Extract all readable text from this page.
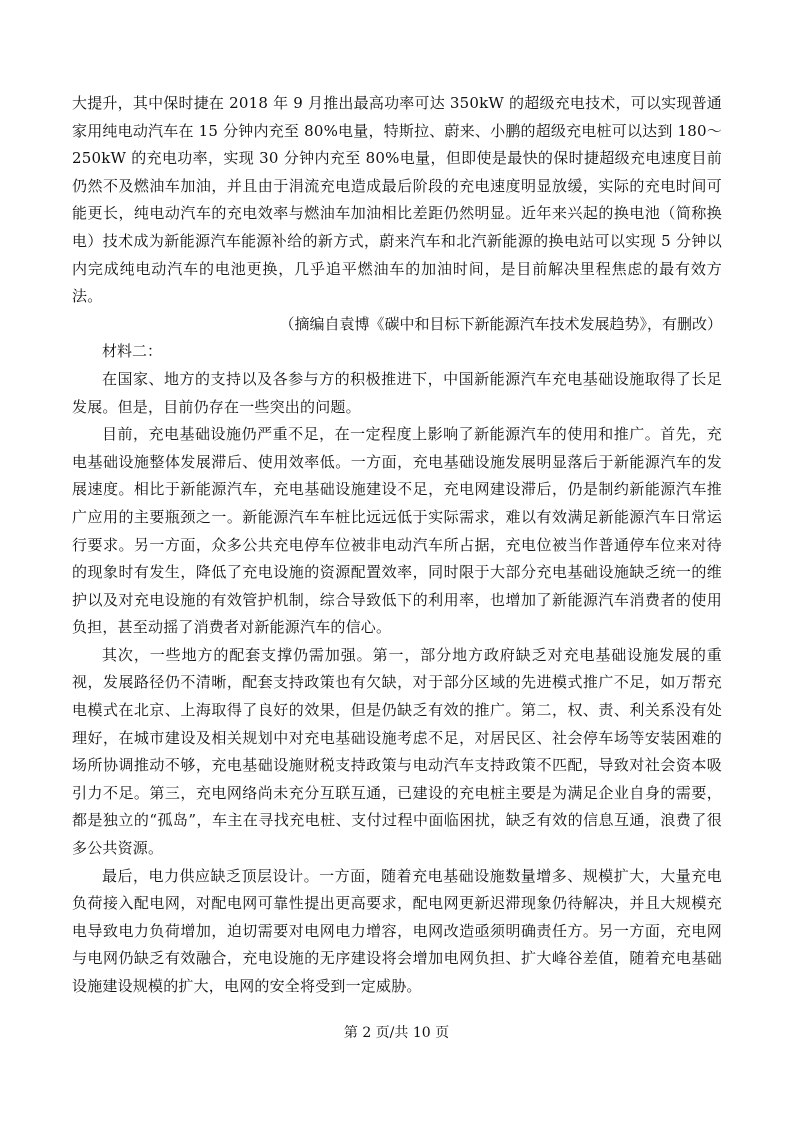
大提升，其中保时捷在 2018 年 9 月推出最高功率可达 350kW 的超级充电技术，可以实现普通家用纯电动汽车在 15 分钟内充至 80%电量，特斯拉、蔚来、小鹏的超级充电桩可以达到 180～250kW 的充电功率，实现 30 分钟内充至 80%电量，但即使是最快的保时捷超级充电速度目前仍然不及燃油车加油，并且由于涓流充电造成最后阶段的充电速度明显放缓，实际的充电时间可能更长，纯电动汽车的充电效率与燃油车加油相比差距仍然明显。近年来兴起的换电池（简称换电）技术成为新能源汽车能源补给的新方式，蔚来汽车和北汽新能源的换电站可以实现 5 分钟以内完成纯电动汽车的电池更换，几乎追平燃油车的加油时间，是目前解决里程焦虑的最有效方法。

（摘编自袁博《碳中和目标下新能源汽车技术发展趋势》，有删改）

材料二：

在国家、地方的支持以及各参与方的积极推进下，中国新能源汽车充电基础设施取得了长足发展。但是，目前仍存在一些突出的问题。

目前，充电基础设施仍严重不足，在一定程度上影响了新能源汽车的使用和推广。首先，充电基础设施整体发展滞后、使用效率低。一方面，充电基础设施发展明显落后于新能源汽车的发展速度。相比于新能源汽车，充电基础设施建设不足，充电网建设滞后，仍是制约新能源汽车推广应用的主要瓶颈之一。新能源汽车车桩比远远低于实际需求，难以有效满足新能源汽车日常运行要求。另一方面，众多公共充电停车位被非电动汽车所占据，充电位被当作普通停车位来对待的现象时有发生，降低了充电设施的资源配置效率，同时限于大部分充电基础设施缺乏统一的维护以及对充电设施的有效管护机制，综合导致低下的利用率，也增加了新能源汽车消费者的使用负担，甚至动摇了消费者对新能源汽车的信心。

其次，一些地方的配套支撑仍需加强。第一，部分地方政府缺乏对充电基础设施发展的重视，发展路径仍不清晰，配套支持政策也有欠缺，对于部分区域的先进模式推广不足，如万帮充电模式在北京、上海取得了良好的效果，但是仍缺乏有效的推广。第二，权、责、利关系没有处理好，在城市建设及相关规划中对充电基础设施考虑不足，对居民区、社会停车场等安装困难的场所协调推动不够，充电基础设施财税支持政策与电动汽车支持政策不匹配，导致对社会资本吸引力不足。第三，充电网络尚未充分互联互通，已建设的充电桩主要是为满足企业自身的需要，都是独立的“孤岛”，车主在寻找充电桩、支付过程中面临困扰，缺乏有效的信息互通，浪费了很多公共资源。

最后，电力供应缺乏顶层设计。一方面，随着充电基础设施数量增多、规模扩大，大量充电负荷接入配电网，对配电网可靠性提出更高要求，配电网更新迟滞现象仍待解决，并且大规模充电导致电力负荷增加，迫切需要对电网电力增容，电网改造亟须明确责任方。另一方面，充电网与电网仍缺乏有效融合，充电设施的无序建设将会增加电网负担、扩大峰谷差值，随着充电基础设施建设规模的扩大，电网的安全将受到一定威胁。

第 2 页/共 10 页
